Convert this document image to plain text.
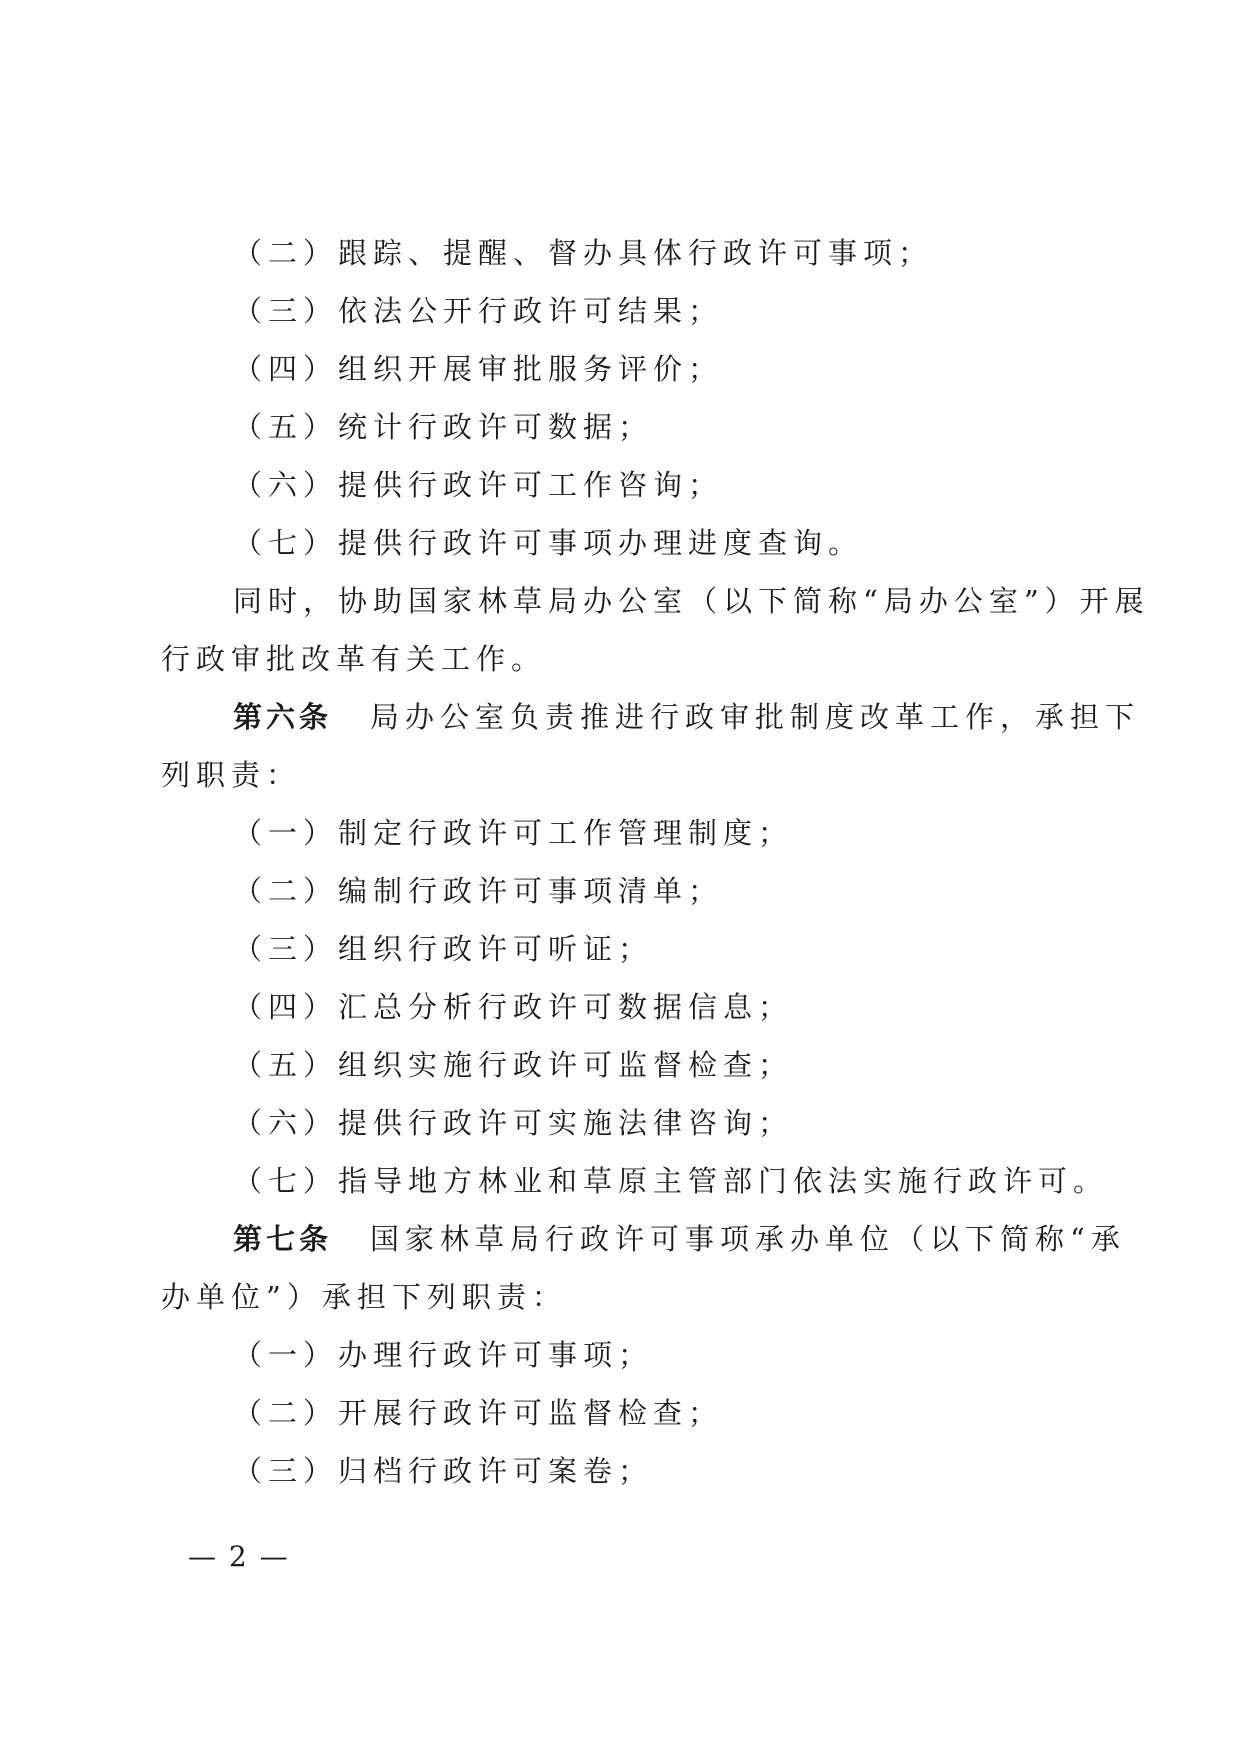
（二）跟踪、提醒、督办具体行政许可事项；
（三）依法公开行政许可结果；
（四）组织开展审批服务评价；
（五）统计行政许可数据；
（六）提供行政许可工作咨询；
（七）提供行政许可事项办理进度查询。
同时，协助国家林草局办公室（以下简称“局办公室”）开展
行政审批改革有关工作。
第六条 局办公室负责推进行政审批制度改革工作，承担下
列职责：
（一）制定行政许可工作管理制度；
（二）编制行政许可事项清单；
（三）组织行政许可听证；
（四）汇总分析行政许可数据信息；
（五）组织实施行政许可监督检查；
（六）提供行政许可实施法律咨询；
（七）指导地方林业和草原主管部门依法实施行政许可。
第七条 国家林草局行政许可事项承办单位（以下简称“承
办单位”）承担下列职责：
（一）办理行政许可事项；
（二）开展行政许可监督检查；
（三）归档行政许可案卷；
— 2 —
